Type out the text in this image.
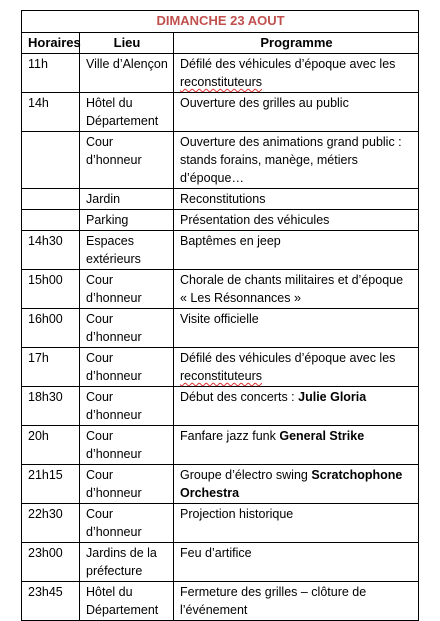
DIMANCHE 23 AOUT		
Horaires	Lieu	Programme
11h	Ville d’Alençon	Défilé des véhicules d’époque avec les reconstituteurs
14h	Hôtel du Département	Ouverture des grilles au public
	Cour d’honneur	Ouverture des animations grand public : stands forains, manège, métiers d’époque…
	Jardin	Reconstitutions
	Parking	Présentation des véhicules
14h30	Espaces extérieurs	Baptêmes en jeep
15h00	Cour d’honneur	Chorale de chants militaires et d’époque « Les Résonnances »
16h00	Cour d’honneur	Visite officielle
17h	Cour d’honneur	Défilé des véhicules d’époque avec les reconstituteurs
18h30	Cour d’honneur	Début des concerts : Julie Gloria
20h	Cour d’honneur	Fanfare jazz funk General Strike
21h15	Cour d’honneur	Groupe d’électro swing Scratchophone Orchestra
22h30	Cour d’honneur	Projection historique
23h00	Jardins de la préfecture	Feu d’artifice
23h45	Hôtel du Département	Fermeture des grilles – clôture de l’événement
